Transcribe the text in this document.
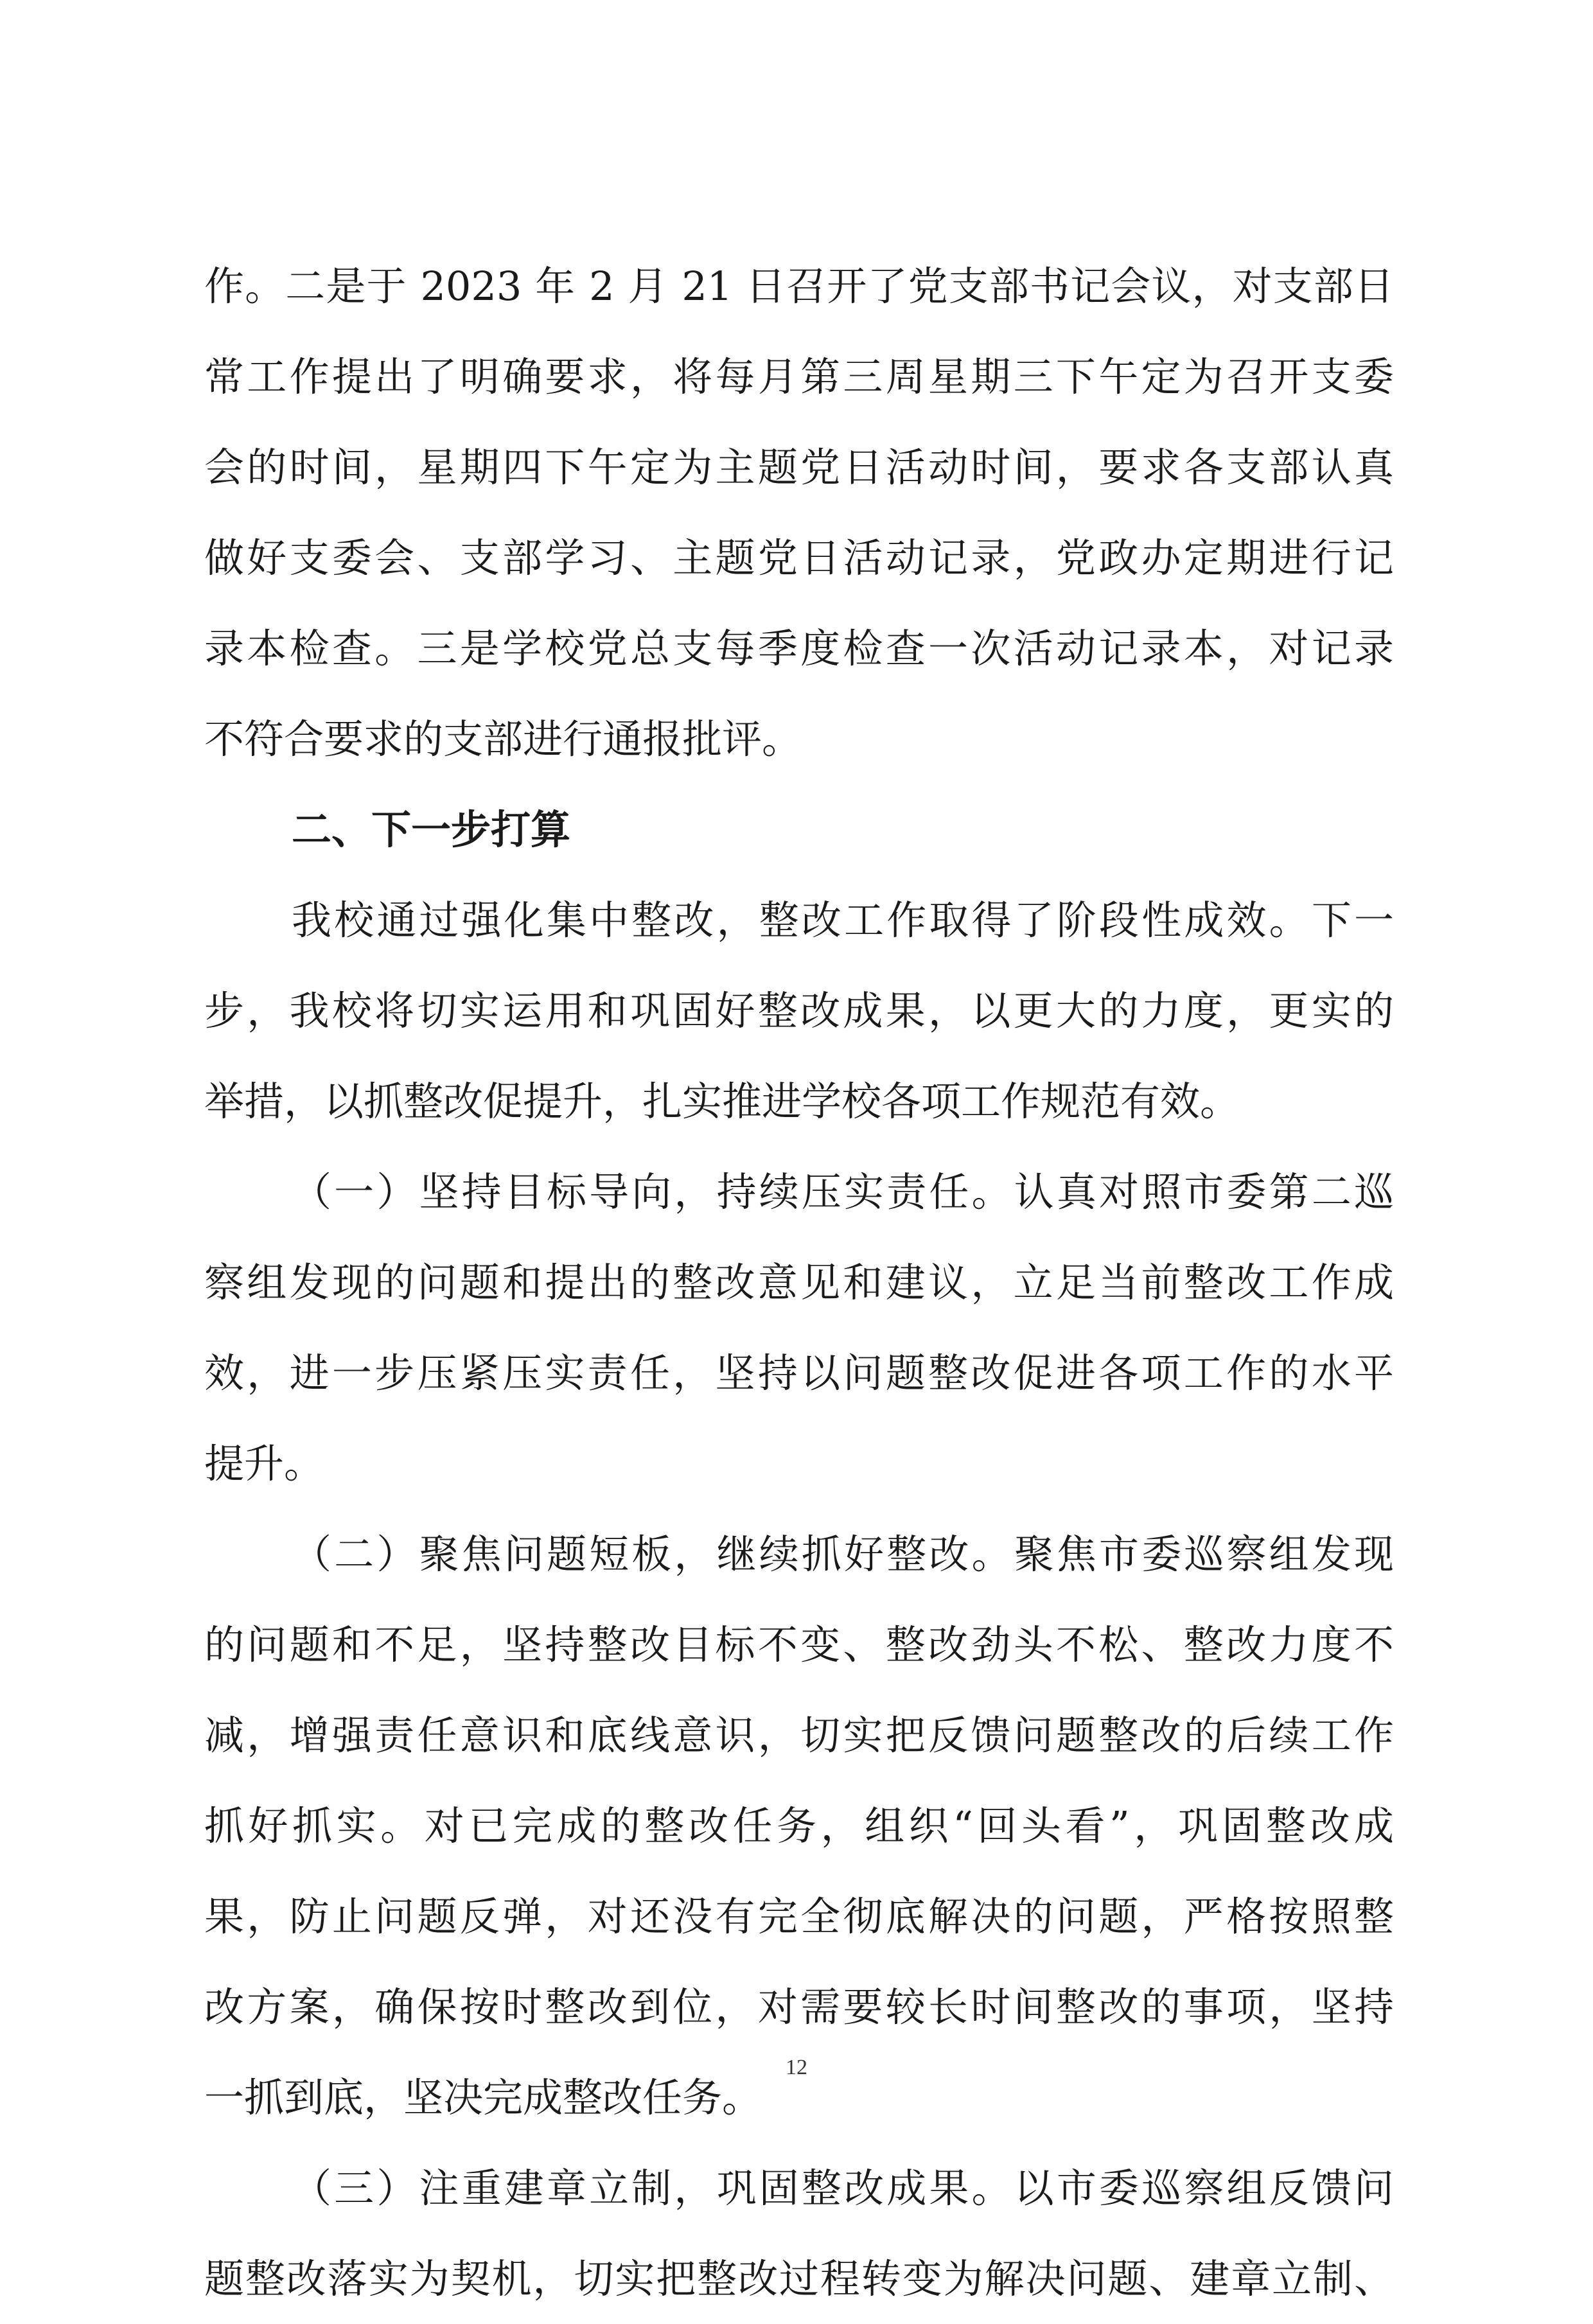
作。二是于 2023 年 2 月 21 日召开了党支部书记会议，对支部日
常工作提出了明确要求，将每月第三周星期三下午定为召开支委
会的时间，星期四下午定为主题党日活动时间，要求各支部认真
做好支委会、支部学习、主题党日活动记录，党政办定期进行记
录本检查。三是学校党总支每季度检查一次活动记录本，对记录
不符合要求的支部进行通报批评。
二、下一步打算
我校通过强化集中整改，整改工作取得了阶段性成效。下一
步，我校将切实运用和巩固好整改成果，以更大的力度，更实的
举措，以抓整改促提升，扎实推进学校各项工作规范有效。
（一）坚持目标导向，持续压实责任。认真对照市委第二巡
察组发现的问题和提出的整改意见和建议，立足当前整改工作成
效，进一步压紧压实责任，坚持以问题整改促进各项工作的水平
提升。
（二）聚焦问题短板，继续抓好整改。聚焦市委巡察组发现
的问题和不足，坚持整改目标不变、整改劲头不松、整改力度不
减，增强责任意识和底线意识，切实把反馈问题整改的后续工作
抓好抓实。对已完成的整改任务，组织“回头看”，巩固整改成
果，防止问题反弹，对还没有完全彻底解决的问题，严格按照整
改方案，确保按时整改到位，对需要较长时间整改的事项，坚持
一抓到底，坚决完成整改任务。
（三）注重建章立制，巩固整改成果。以市委巡察组反馈问
题整改落实为契机，切实把整改过程转变为解决问题、建章立制、
12
